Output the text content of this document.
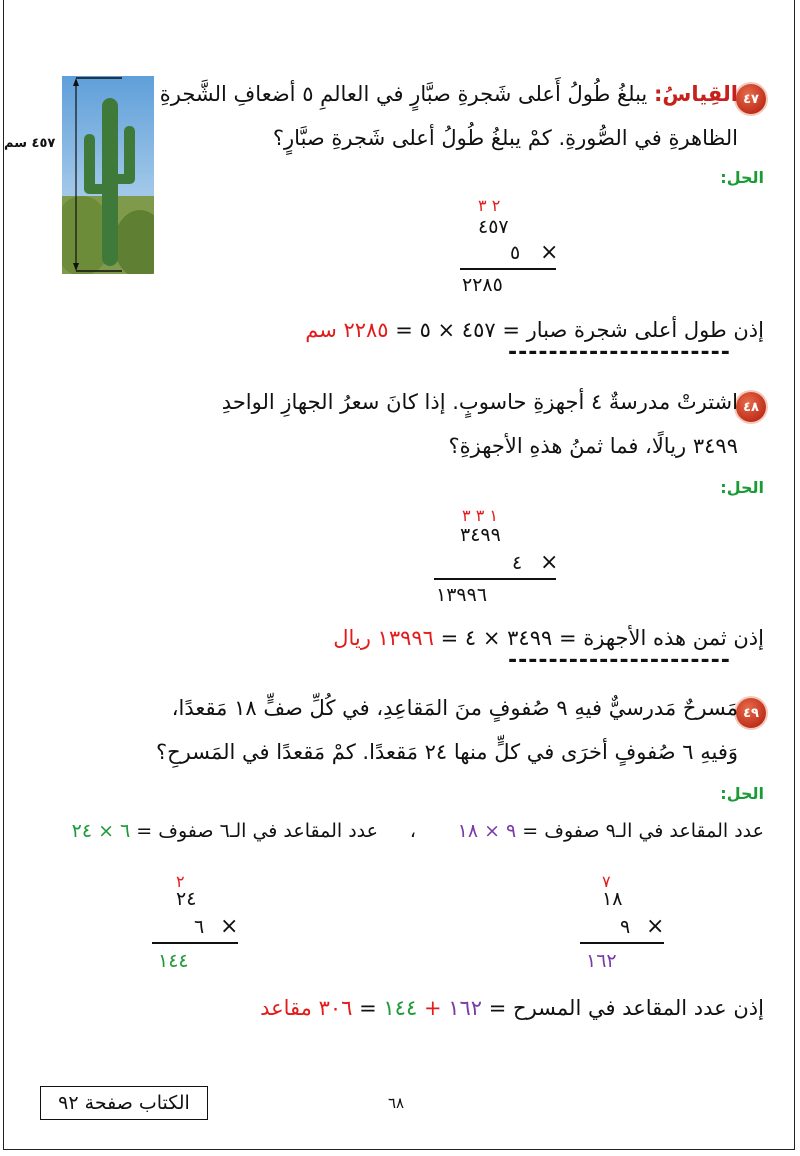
٤٥٧ سم
٤٧
القِياسُ: يبلغُ طُولُ أَعلى شَجرةِ صبَّارٍ في العالمِ ٥ أضعافِ الشَّجرةِ
الظاهرةِ في الصُّورةِ. كمْ يبلغُ طُولُ أعلى شَجرةِ صبَّارٍ؟
الحل:
٢ ٣
٤٥٧
٥ ×
٢٢٨٥
إذن طول أعلى شجرة صبار = ٤٥٧ × ٥ = ٢٢٨٥ سم
----------------------
٤٨
اشترتْ مدرسةٌ ٤ أجهزةِ حاسوبٍ. إذا كانَ سعرُ الجهازِ الواحدِ
٣٤٩٩ ريالًا، فما ثمنُ هذهِ الأجهزةِ؟
الحل:
١ ٣ ٣
٣٤٩٩
٤ ×
١٣٩٩٦
إذن ثمن هذه الأجهزة = ٣٤٩٩ × ٤ = ١٣٩٩٦ ريال
----------------------
٤٩
مَسرحٌ مَدرسيٌّ فيهِ ٩ صُفوفٍ منَ المَقاعِدِ، في كُلِّ صفٍّ ١٨ مَقعدًا،
وَفيهِ ٦ صُفوفٍ أخرَى في كلٍّ منها ٢٤ مَقعدًا. كمْ مَقعدًا في المَسرحِ؟
الحل:
عدد المقاعد في الـ٩ صفوف = ٩ × ١٨
،
عدد المقاعد في الـ٦ صفوف = ٦ × ٢٤
٧
١٨
٩ ×
١٦٢
٢
٢٤
٦ ×
١٤٤
إذن عدد المقاعد في المسرح = ١٦٢ + ١٤٤ = ٣٠٦ مقاعد
الكتاب صفحة ٩٢	٦٨
